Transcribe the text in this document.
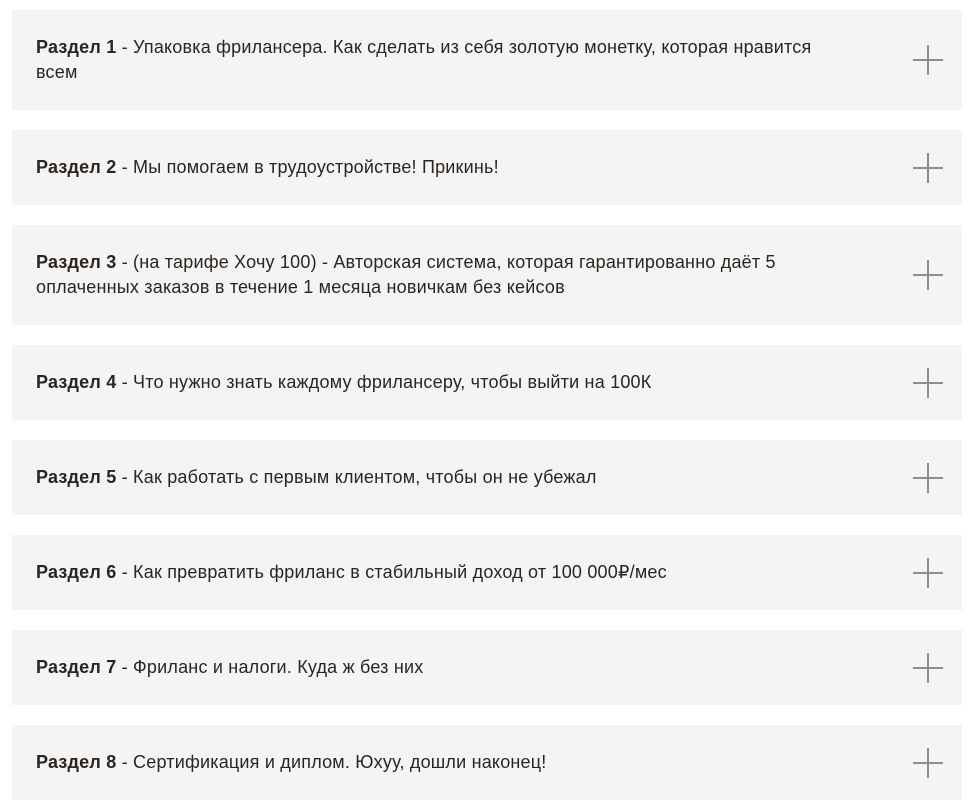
Раздел 1 - Упаковка фрилансера. Как сделать из себя золотую монетку, которая нравится всем
Раздел 2 - Мы помогаем в трудоустройстве! Прикинь!
Раздел 3 - (на тарифе Хочу 100) - Авторская система, которая гарантированно даёт 5 оплаченных заказов в течение 1 месяца новичкам без кейсов
Раздел 4 - Что нужно знать каждому фрилансеру, чтобы выйти на 100К
Раздел 5 - Как работать с первым клиентом, чтобы он не убежал
Раздел 6 - Как превратить фриланс в стабильный доход от 100 000₽/мес
Раздел 7 - Фриланс и налоги. Куда ж без них
Раздел 8 - Сертификация и диплом. Юхуу, дошли наконец!
